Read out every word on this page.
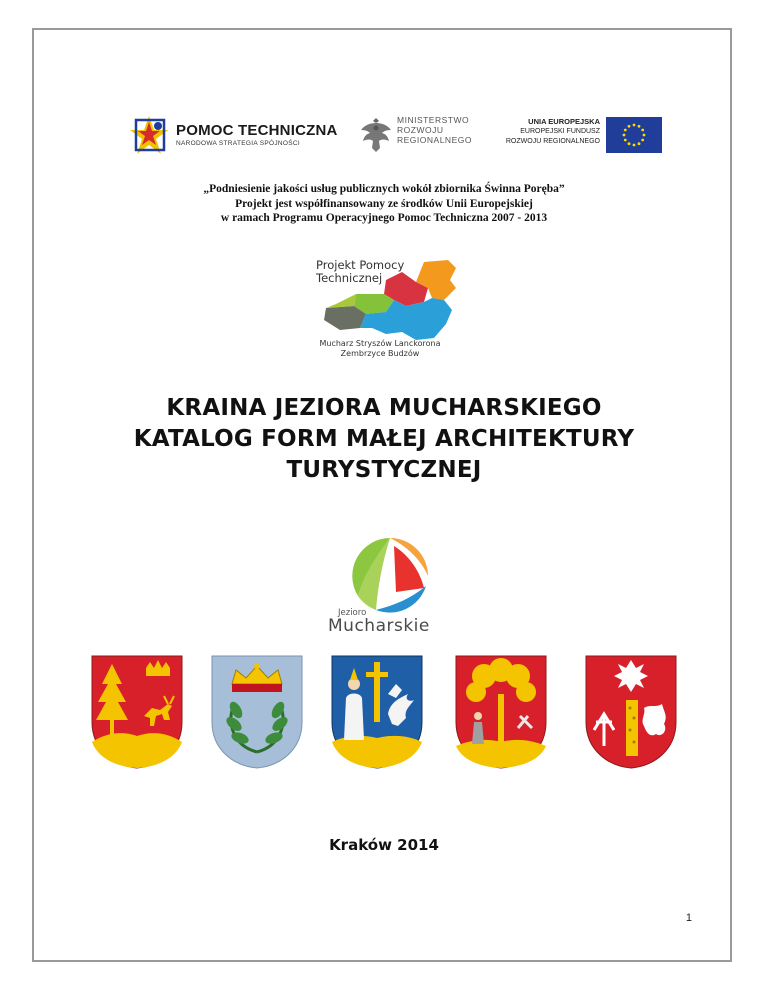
POMOC TECHNICZNA
NARODOWA STRATEGIA SPÓJNOŚCI
MINISTERSTWO
ROZWOJU
REGIONALNEGO
UNIA EUROPEJSKA
EUROPEJSKI FUNDUSZ
ROZWOJU REGIONALNEGO
„Podniesienie jakości usług publicznych wokół zbiornika Świnna Poręba”
Projekt jest współfinansowany ze środków Unii Europejskiej
w ramach Programu Operacyjnego Pomoc Techniczna 2007 - 2013
Projekt Pomocy
Technicznej
Mucharz Stryszów Lanckorona
Zembrzyce Budzów
KRAINA JEZIORA MUCHARSKIEGO
KATALOG FORM MAŁEJ ARCHITEKTURY
TURYSTYCZNEJ
Jezioro
Mucharskie
Kraków 2014
1
